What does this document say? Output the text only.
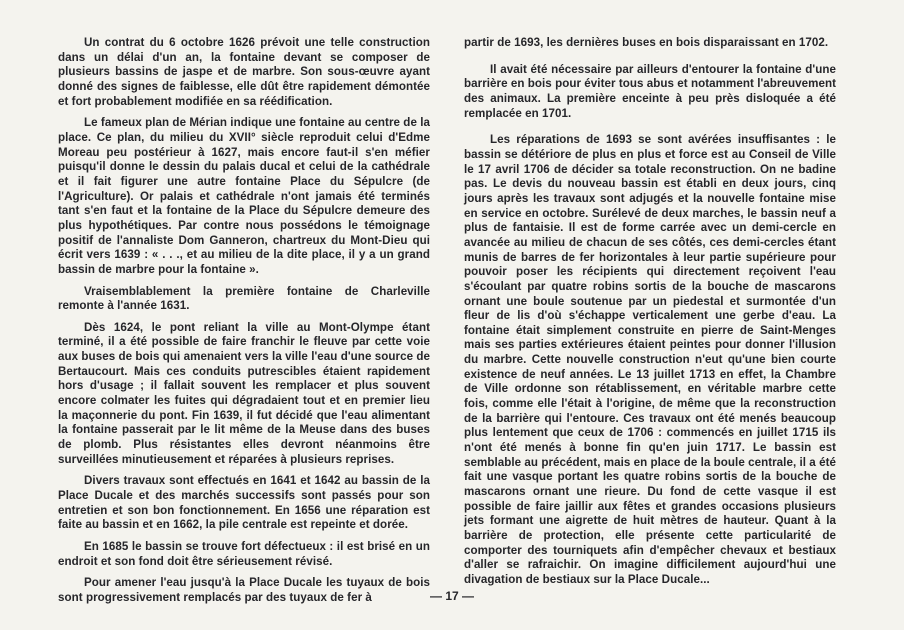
Un contrat du 6 octobre 1626 prévoit une telle construction dans un délai d'un an, la fontaine devant se composer de plusieurs bassins de jaspe et de marbre. Son sous-œuvre ayant donné des signes de faiblesse, elle dût être rapidement démontée et fort probablement modifiée en sa réédification.

Le fameux plan de Mérian indique une fontaine au centre de la place. Ce plan, du milieu du XVII° siècle reproduit celui d'Edme Moreau peu postérieur à 1627, mais encore faut-il s'en méfier puisqu'il donne le dessin du palais ducal et celui de la cathédrale et il fait figurer une autre fontaine Place du Sépulcre (de l'Agriculture). Or palais et cathédrale n'ont jamais été terminés tant s'en faut et la fontaine de la Place du Sépulcre demeure des plus hypothétiques. Par contre nous possédons le témoignage positif de l'annaliste Dom Ganneron, chartreux du Mont-Dieu qui écrit vers 1639 : « . . ., et au milieu de la dite place, il y a un grand bassin de marbre pour la fontaine ».

Vraisemblablement la première fontaine de Charleville remonte à l'année 1631.

Dès 1624, le pont reliant la ville au Mont-Olympe étant terminé, il a été possible de faire franchir le fleuve par cette voie aux buses de bois qui amenaient vers la ville l'eau d'une source de Bertaucourt. Mais ces conduits putrescibles étaient rapidement hors d'usage ; il fallait souvent les remplacer et plus souvent encore colmater les fuites qui dégradaient tout et en premier lieu la maçonnerie du pont. Fin 1639, il fut décidé que l'eau alimentant la fontaine passerait par le lit même de la Meuse dans des buses de plomb. Plus résistantes elles devront néanmoins être surveillées minutieusement et réparées à plusieurs reprises.

Divers travaux sont effectués en 1641 et 1642 au bassin de la Place Ducale et des marchés successifs sont passés pour son entretien et son bon fonctionnement. En 1656 une réparation est faite au bassin et en 1662, la pile centrale est repeinte et dorée.

En 1685 le bassin se trouve fort défectueux : il est brisé en un endroit et son fond doit être sérieusement révisé.

Pour amener l'eau jusqu'à la Place Ducale les tuyaux de bois sont progressivement remplacés par des tuyaux de fer à

partir de 1693, les dernières buses en bois disparaissant en 1702.

Il avait été nécessaire par ailleurs d'entourer la fontaine d'une barrière en bois pour éviter tous abus et notamment l'abreuvement des animaux. La première enceinte à peu près disloquée a été remplacée en 1701.

Les réparations de 1693 se sont avérées insuffisantes : le bassin se détériore de plus en plus et force est au Conseil de Ville le 17 avril 1706 de décider sa totale reconstruction. On ne badine pas. Le devis du nouveau bassin est établi en deux jours, cinq jours après les travaux sont adjugés et la nouvelle fontaine mise en service en octobre. Surélevé de deux marches, le bassin neuf a plus de fantaisie. Il est de forme carrée avec un demi-cercle en avancée au milieu de chacun de ses côtés, ces demi-cercles étant munis de barres de fer horizontales à leur partie supérieure pour pouvoir poser les récipients qui directement reçoivent l'eau s'écoulant par quatre robins sortis de la bouche de mascarons ornant une boule soutenue par un piedestal et surmontée d'un fleur de lis d'où s'échappe verticalement une gerbe d'eau. La fontaine était simplement construite en pierre de Saint-Menges mais ses parties extérieures étaient peintes pour donner l'illusion du marbre. Cette nouvelle construction n'eut qu'une bien courte existence de neuf années. Le 13 juillet 1713 en effet, la Chambre de Ville ordonne son rétablissement, en véritable marbre cette fois, comme elle l'était à l'origine, de même que la reconstruction de la barrière qui l'entoure. Ces travaux ont été menés beaucoup plus lentement que ceux de 1706 : commencés en juillet 1715 ils n'ont été menés à bonne fin qu'en juin 1717. Le bassin est semblable au précédent, mais en place de la boule centrale, il a été fait une vasque portant les quatre robins sortis de la bouche de mascarons ornant une rieure. Du fond de cette vasque il est possible de faire jaillir aux fêtes et grandes occasions plusieurs jets formant une aigrette de huit mètres de hauteur. Quant à la barrière de protection, elle présente cette particularité de comporter des tourniquets afin d'empêcher chevaux et bestiaux d'aller se rafraichir. On imagine difficilement aujourd'hui une divagation de bestiaux sur la Place Ducale...

— 17 —
